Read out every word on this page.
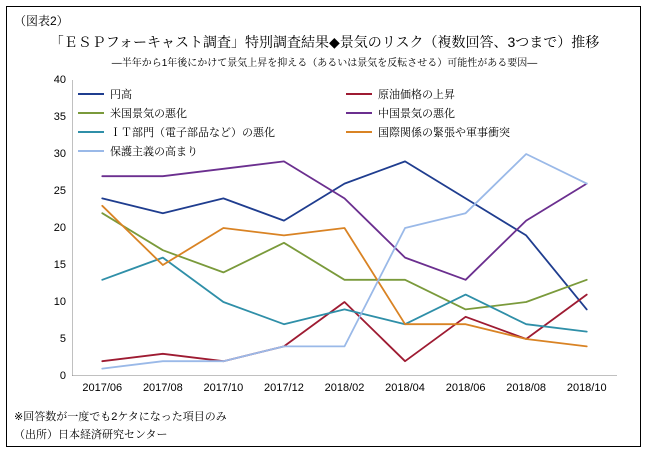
（図表2）
「ＥＳＰフォーキャスト調査」特別調査結果◆景気のリスク（複数回答、3つまで）推移
―半年から1年後にかけて景気上昇を抑える（あるいは景気を反転させる）可能性がある要因―
円高	原油価格の上昇
米国景気の悪化	中国景気の悪化
ＩＴ部門（電子部品など）の悪化	国際関係の緊張や軍事衝突
保護主義の高まり
0
5
10
15
20
25
30
35
40
2017/06	2017/08	2017/10	2017/12	2018/02	2018/04	2018/06	2018/08	2018/10
※回答数が一度でも2ケタになった項目のみ
（出所）日本経済研究センター
